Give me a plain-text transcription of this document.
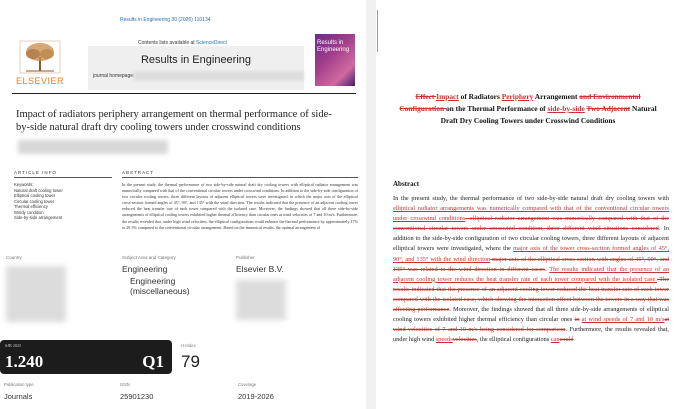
Results in Engineering 30 (2026) 110134
Contents lists available at ScienceDirect
Results in Engineering
journal homepage:
ELSEVIER
Results in Engineering
Impact of radiators periphery arrangement on thermal performance of side-by-side natural draft dry cooling towers under crosswind conditions
ARTICLE INFO	ABSTRACT
Keywords:
Natural draft cooling tower
Elliptical cooling tower
Circular cooling tower
Thermal efficiency
Windy condition
Side-by-side arrangement
In the present study, the thermal performance of two side-by-side natural draft dry cooling towers with elliptical radiator arrangement was numerically compared with that of the conventional circular towers under crosswind conditions. In addition to the side-by-side configuration of two circular cooling towers, three different layouts of adjacent elliptical towers were investigated, in which the major axis of the elliptical cross-section formed angles of 45°, 90°, and 135° with the wind direction. The results indicated that the presence of an adjacent cooling tower reduced the heat transfer rate of each tower compared with the isolated case. Moreover, the findings showed that all three side-by-side arrangements of elliptical cooling towers exhibited higher thermal efficiency than circular ones at wind velocities of 7 and 10 m/s. Furthermore, the results revealed that, under high wind velocities, the elliptical configurations could enhance the thermal performance by approximately 17% to 29.5% compared to the conventional circular arrangement. Based on the numerical results, the optimal arrangement of
Country	Subject Area and Category
Engineering
Engineering (miscellaneous)
Publisher
Elsevier B.V.
SJR 2025
1.240	Q1
H-Index
79
Publication type
Journals
ISSN
25901230
Coverage
2019-2026
Effect Impact of Radiators Periphery Arrangement and Environmental Configuration on the Thermal Performance of side-by-side Two Adjacent Natural Draft Dry Cooling Towers under Crosswind Conditions
Abstract
In the present study, the thermal performance of two side-by-side natural draft dry cooling towers with elliptical radiator arrangements was numerically compared with that of the conventional circular towers under crosswind conditions. elliptical radiator arrangement was numerically compared with that of the conventional circular towers under crosswind condition, three different wind situations considered. In addition to the side-by-side configuration of two circular cooling towers, three different layouts of adjacent elliptical towers were investigated, where the major axis of the tower cross-section formed angles of 45°, 90°, and 135° with the wind direction major axis of the elliptical cross-section with angles of 45°, 90°, and 135° was related to the wind direction in different cases. The results indicated that the presence of an adjacent cooling tower reduces the heat transfer rate of each tower compared with the isolated case. The results indicated that the presence of an adjacent cooling tower reduced the heat transfer rate of each tower compared with the isolated case, which showing the interaction effect between the towers in a way that was affecting performance. Moreover, the findings showed that all three side-by-side arrangements of elliptical cooling towers exhibited higher thermal efficiency than circular ones in at wind speeds of 7 and 10 m/sat wind velocities of 7 and 10 m/s being considered for comparison. Furthermore, the results revealed that, under high wind speedsvelocities, the elliptical configurations cancould
